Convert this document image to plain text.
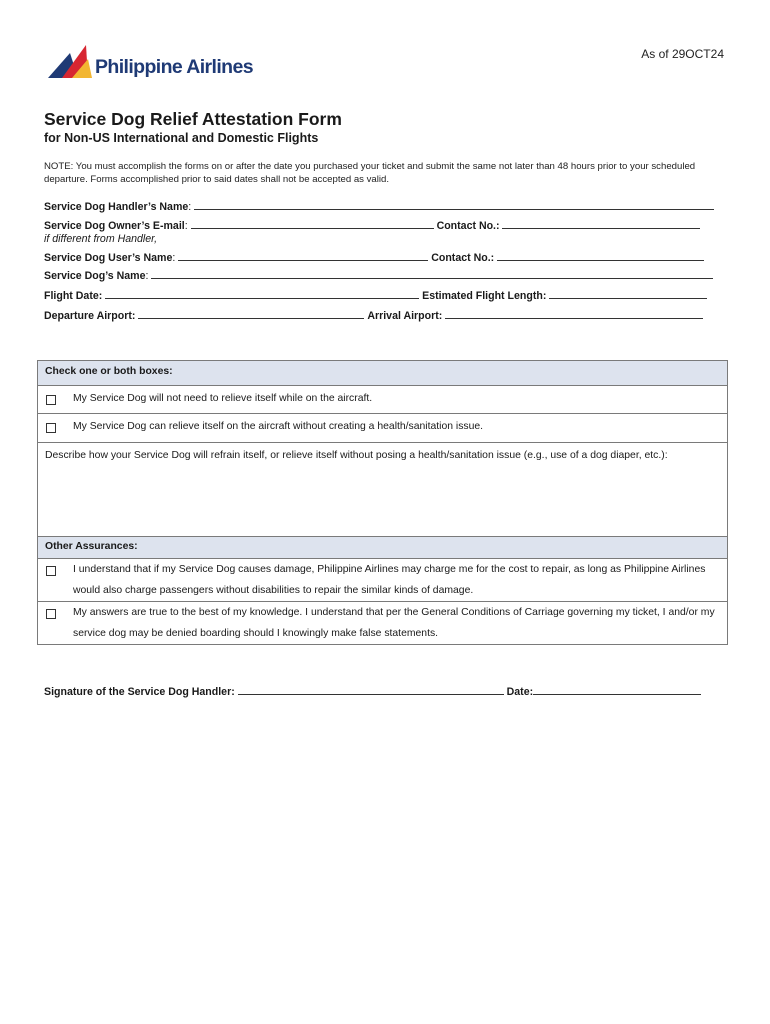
Philippine Airlines
As of 29OCT24
Service Dog Relief Attestation Form
for Non-US International and Domestic Flights
NOTE: You must accomplish the forms on or after the date you purchased your ticket and submit the same not later than 48 hours prior to your scheduled departure. Forms accomplished prior to said dates shall not be accepted as valid.
Service Dog Handler’s Name:
Service Dog Owner’s E-mail:	Contact No.:
if different from Handler,
Service Dog User’s Name:	Contact No.:
Service Dog’s Name:
Flight Date:	Estimated Flight Length:
Departure Airport:	Arrival Airport:
Check one or both boxes:
My Service Dog will not need to relieve itself while on the aircraft.
My Service Dog can relieve itself on the aircraft without creating a health/sanitation issue.
Describe how your Service Dog will refrain itself, or relieve itself without posing a health/sanitation issue (e.g., use of a dog diaper, etc.):
Other Assurances:
I understand that if my Service Dog causes damage, Philippine Airlines may charge me for the cost to repair, as long as Philippine Airlines would also charge passengers without disabilities to repair the similar kinds of damage.
My answers are true to the best of my knowledge. I understand that per the General Conditions of Carriage governing my ticket, I and/or my service dog may be denied boarding should I knowingly make false statements.
Signature of the Service Dog Handler:	Date:
